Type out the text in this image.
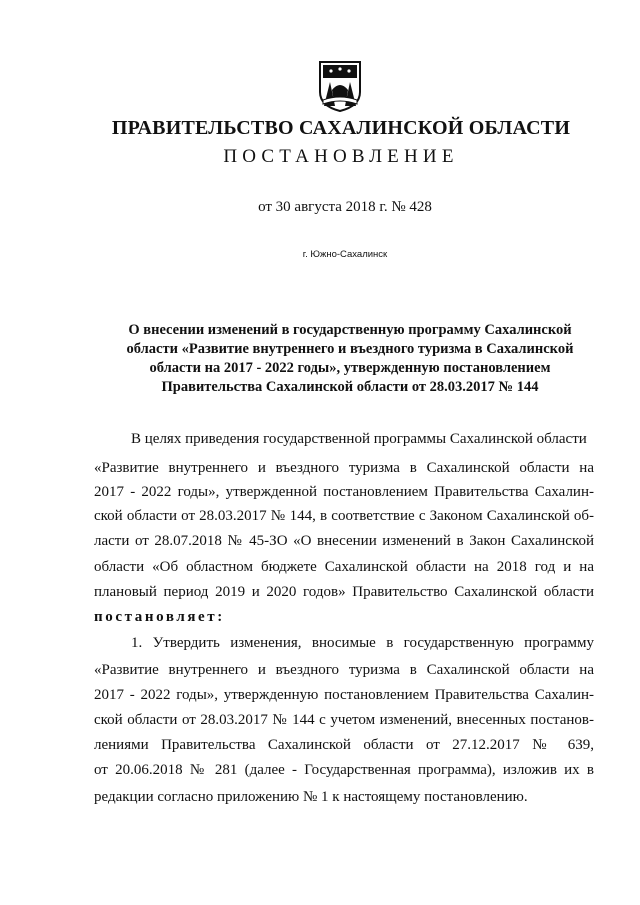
ПРАВИТЕЛЬСТВО САХАЛИНСКОЙ ОБЛАСТИ
ПОСТАНОВЛЕНИЕ
от 30 августа 2018 г. № 428
г. Южно-Сахалинск
О внесении изменений в государственную программу Сахалинской
области «Развитие внутреннего и въездного туризма в Сахалинской
области на 2017 - 2022 годы», утвержденную постановлением
Правительства Сахалинской области от 28.03.2017 № 144
В целях приведения государственной программы Сахалинской области
«Развитие внутреннего и въездного туризма в Сахалинской области на
2017 - 2022 годы», утвержденной постановлением Правительства Сахалин-
ской области от 28.03.2017 № 144, в соответствие с Законом Сахалинской об-
ласти от 28.07.2018 № 45-ЗО «О внесении изменений в Закон Сахалинской
области «Об областном бюджете Сахалинской области на 2018 год и на
плановый период 2019 и 2020 годов» Правительство Сахалинской области
постановляет:
1. Утвердить изменения, вносимые в государственную программу
«Развитие внутреннего и въездного туризма в Сахалинской области на
2017 - 2022 годы», утвержденную постановлением Правительства Сахалин-
ской области от 28.03.2017 № 144 с учетом изменений, внесенных постанов-
лениями Правительства Сахалинской области от 27.12.2017 № 639,
от 20.06.2018 № 281 (далее - Государственная программа), изложив их в
редакции согласно приложению № 1 к настоящему постановлению.
